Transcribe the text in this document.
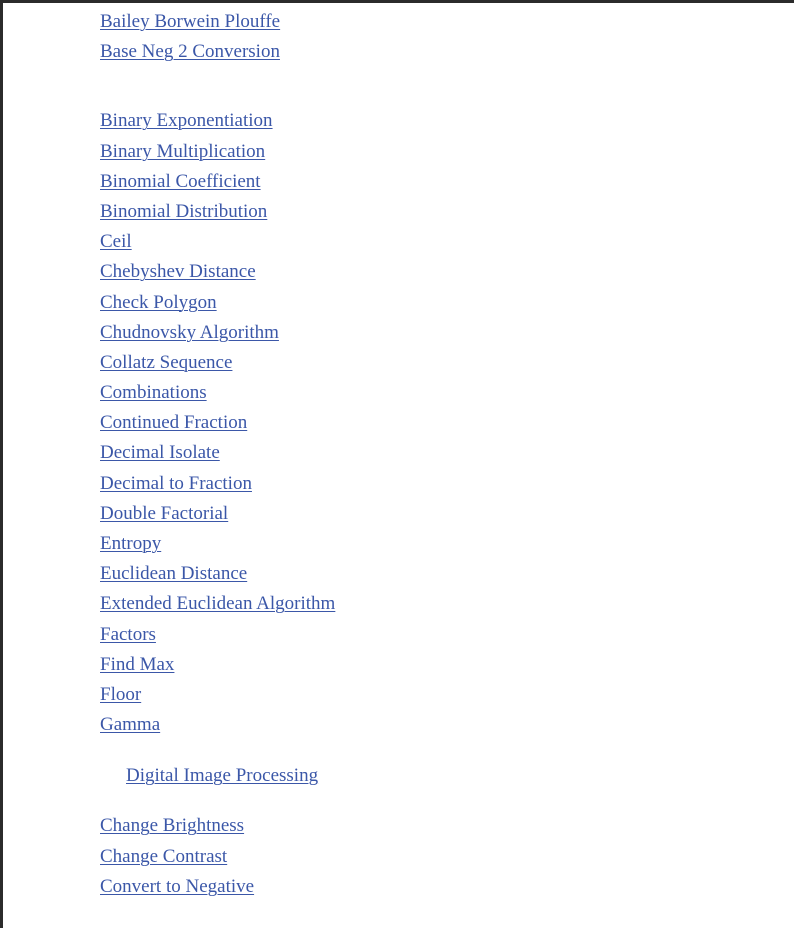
Bailey Borwein Plouffe
Base Neg 2 Conversion
Binary Exponentiation
Binary Multiplication
Binomial Coefficient
Binomial Distribution
Ceil
Chebyshev Distance
Check Polygon
Chudnovsky Algorithm
Collatz Sequence
Combinations
Continued Fraction
Decimal Isolate
Decimal to Fraction
Double Factorial
Entropy
Euclidean Distance
Extended Euclidean Algorithm
Factors
Find Max
Floor
Gamma
Digital Image Processing
Change Brightness
Change Contrast
Convert to Negative
